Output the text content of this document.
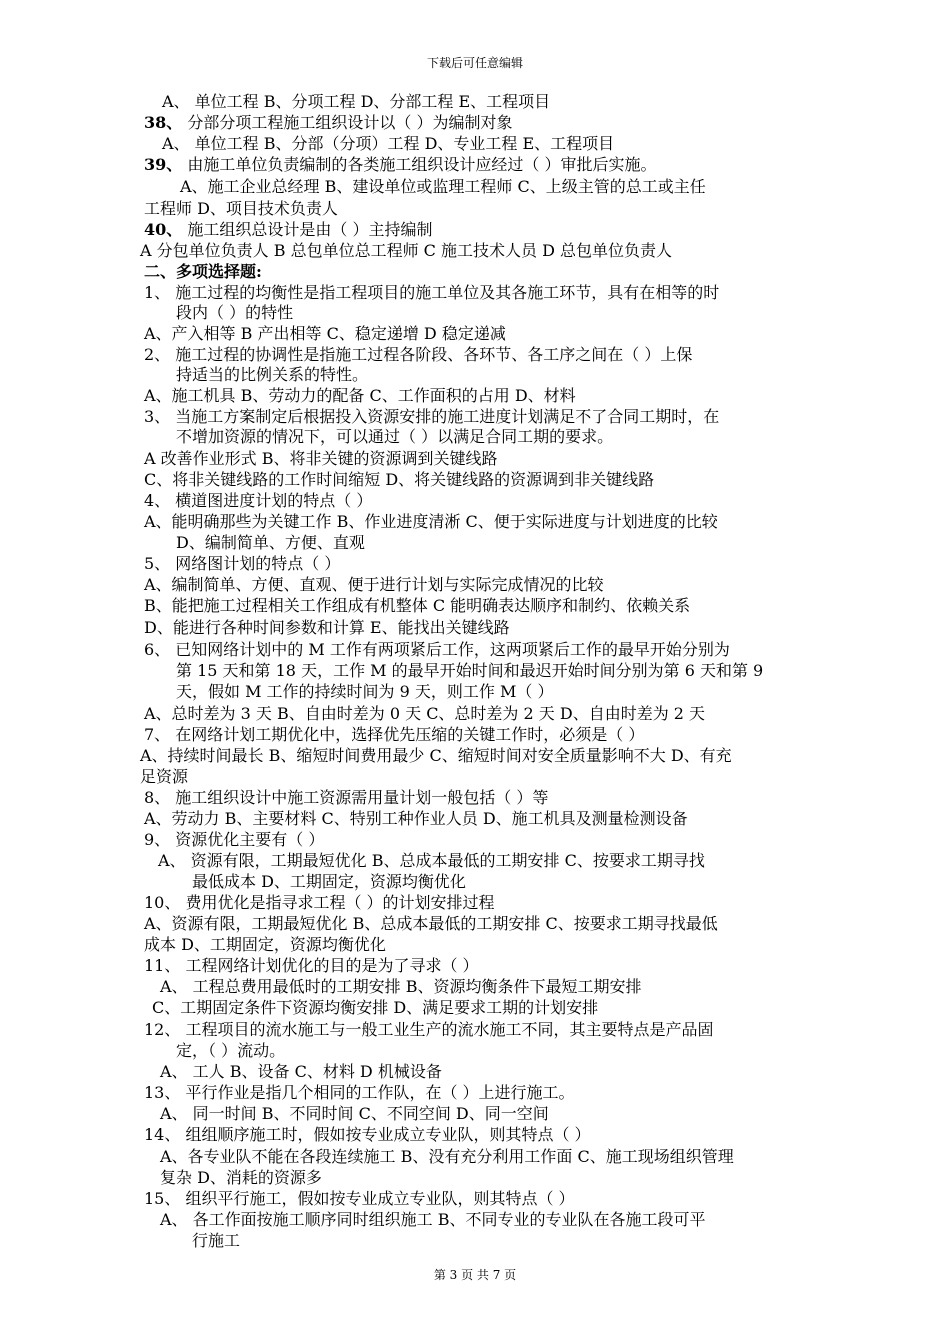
下载后可任意编辑
A、 单位工程 B、分项工程 D、分部工程 E、工程项目
38、 分部分项工程施工组织设计以（ ）为编制对象
A、 单位工程 B、分部（分项）工程 D、专业工程 E、工程项目
39、 由施工单位负责编制的各类施工组织设计应经过（ ）审批后实施。
A、施工企业总经理 B、建设单位或监理工程师 C、上级主管的总工或主任
工程师 D、项目技术负责人
40、 施工组织总设计是由（ ）主持编制
A 分包单位负责人 B 总包单位总工程师 C 施工技术人员 D 总包单位负责人
二、多项选择题:
1、 施工过程的均衡性是指工程项目的施工单位及其各施工环节，具有在相等的时
段内（ ）的特性
A、产入相等 B 产出相等 C、稳定递增 D 稳定递减
2、 施工过程的协调性是指施工过程各阶段、各环节、各工序之间在（ ）上保
持适当的比例关系的特性。
A、施工机具 B、劳动力的配备 C、工作面积的占用 D、材料
3、 当施工方案制定后根据投入资源安排的施工进度计划满足不了合同工期时，在
不增加资源的情况下，可以通过（ ）以满足合同工期的要求。
A 改善作业形式 B、将非关键的资源调到关键线路
C、将非关键线路的工作时间缩短 D、将关键线路的资源调到非关键线路
4、 横道图进度计划的特点（ ）
A、能明确那些为关键工作 B、作业进度清淅 C、便于实际进度与计划进度的比较
D、编制简单、方便、直观
5、 网络图计划的特点（ ）
A、编制简单、方便、直观、便于进行计划与实际完成情况的比较
B、能把施工过程相关工作组成有机整体 C 能明确表达顺序和制约、依赖关系
D、能进行各种时间参数和计算 E、能找出关键线路
6、 已知网络计划中的 M 工作有两项紧后工作，这两项紧后工作的最早开始分别为
第 15 天和第 18 天，工作 M 的最早开始时间和最迟开始时间分别为第 6 天和第 9
天，假如 M 工作的持续时间为 9 天，则工作 M（ ）
A、总时差为 3 天 B、自由时差为 0 天 C、总时差为 2 天 D、自由时差为 2 天
7、 在网络计划工期优化中，选择优先压缩的关键工作时，必须是（ ）
A、持续时间最长 B、缩短时间费用最少 C、缩短时间对安全质量影响不大 D、有充
足资源
8、 施工组织设计中施工资源需用量计划一般包括（ ）等
A、劳动力 B、主要材料 C、特别工种作业人员 D、施工机具及测量检测设备
9、 资源优化主要有（ ）
A、 资源有限，工期最短优化 B、总成本最低的工期安排 C、按要求工期寻找
最低成本 D、工期固定，资源均衡优化
10、 费用优化是指寻求工程（ ）的计划安排过程
A、资源有限，工期最短优化 B、总成本最低的工期安排 C、按要求工期寻找最低
成本 D、工期固定，资源均衡优化
11、 工程网络计划优化的目的是为了寻求（ ）
A、 工程总费用最低时的工期安排 B、资源均衡条件下最短工期安排
C、工期固定条件下资源均衡安排 D、满足要求工期的计划安排
12、 工程项目的流水施工与一般工业生产的流水施工不同，其主要特点是产品固
定，（ ）流动。
A、 工人 B、设备 C、材料 D 机械设备
13、 平行作业是指几个相同的工作队，在（ ）上进行施工。
A、 同一时间 B、不同时间 C、不同空间 D、同一空间
14、 组组顺序施工时，假如按专业成立专业队，则其特点（ ）
A、各专业队不能在各段连续施工 B、没有充分利用工作面 C、施工现场组织管理
复杂 D、消耗的资源多
15、 组织平行施工，假如按专业成立专业队，则其特点（ ）
A、 各工作面按施工顺序同时组织施工 B、不同专业的专业队在各施工段可平
行施工
第 3 页 共 7 页
